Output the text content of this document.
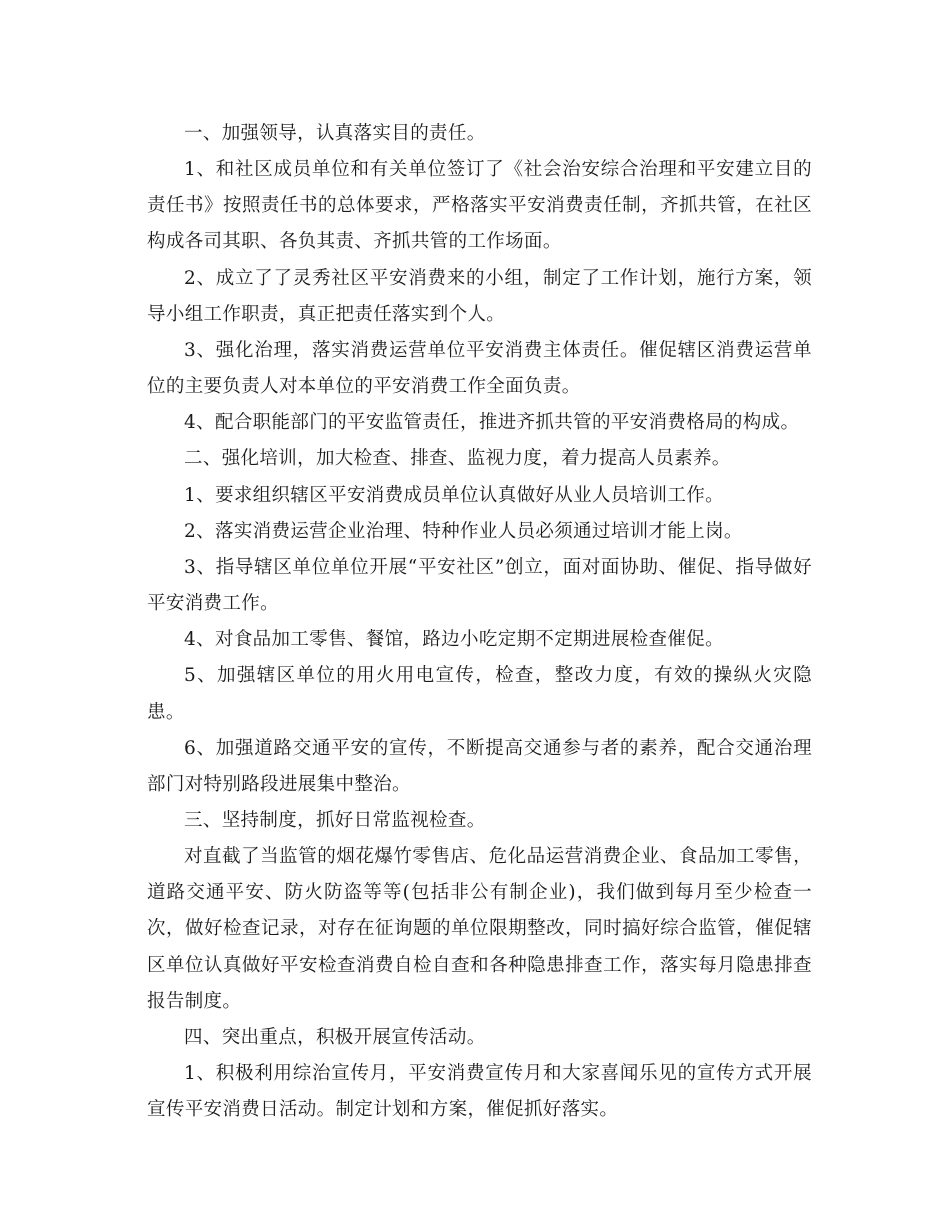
一、加强领导，认真落实目的责任。

1、和社区成员单位和有关单位签订了《社会治安综合治理和平安建立目的责任书》按照责任书的总体要求，严格落实平安消费责任制，齐抓共管，在社区构成各司其职、各负其责、齐抓共管的工作场面。

2、成立了了灵秀社区平安消费来的小组，制定了工作计划，施行方案，领导小组工作职责，真正把责任落实到个人。

3、强化治理，落实消费运营单位平安消费主体责任。催促辖区消费运营单位的主要负责人对本单位的平安消费工作全面负责。

4、配合职能部门的平安监管责任，推进齐抓共管的平安消费格局的构成。

二、强化培训，加大检查、排查、监视力度，着力提高人员素养。

1、要求组织辖区平安消费成员单位认真做好从业人员培训工作。

2、落实消费运营企业治理、特种作业人员必须通过培训才能上岗。

3、指导辖区单位单位开展“平安社区”创立，面对面协助、催促、指导做好平安消费工作。

4、对食品加工零售、餐馆，路边小吃定期不定期进展检查催促。

5、加强辖区单位的用火用电宣传，检查，整改力度，有效的操纵火灾隐患。

6、加强道路交通平安的宣传，不断提高交通参与者的素养，配合交通治理部门对特别路段进展集中整治。

三、坚持制度，抓好日常监视检查。

对直截了当监管的烟花爆竹零售店、危化品运营消费企业、食品加工零售，道路交通平安、防火防盗等等(包括非公有制企业)，我们做到每月至少检查一次，做好检查记录，对存在征询题的单位限期整改，同时搞好综合监管，催促辖区单位认真做好平安检查消费自检自查和各种隐患排查工作，落实每月隐患排查报告制度。

四、突出重点，积极开展宣传活动。

1、积极利用综治宣传月，平安消费宣传月和大家喜闻乐见的宣传方式开展宣传平安消费日活动。制定计划和方案，催促抓好落实。
